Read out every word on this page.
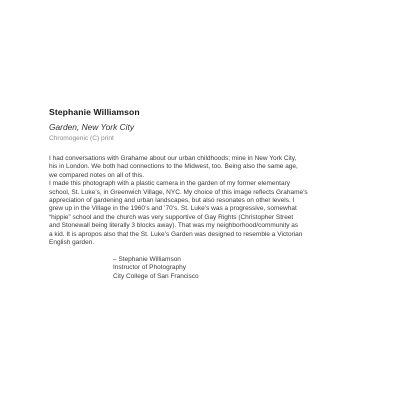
Stephanie Williamson
Garden, New York City
Chromogenic (C) print

I had conversations with Grahame about our urban childhoods; mine in New York City,

his in London. We both had connections to the Midwest, too. Being also the same age,

we compared notes on all of this.

I made this photograph with a plastic camera in the garden of my former elementary

school, St. Luke’s, in Greenwich Village, NYC. My choice of this image reflects Grahame’s

appreciation of gardening and urban landscapes, but also resonates on other levels. I

grew up in the Village in the 1960’s and ’70’s. St. Luke’s was a progressive, somewhat

“hippie” school and the church was very supportive of Gay Rights (Christopher Street

and Stonewall being literally 3 blocks away). That was my neighborhood/community as

a kid. It is apropos also that the St. Luke’s Garden was designed to resemble a Victorian

English garden.

– Stephanie Williamson
Instructor of Photography
City College of San Francisco
